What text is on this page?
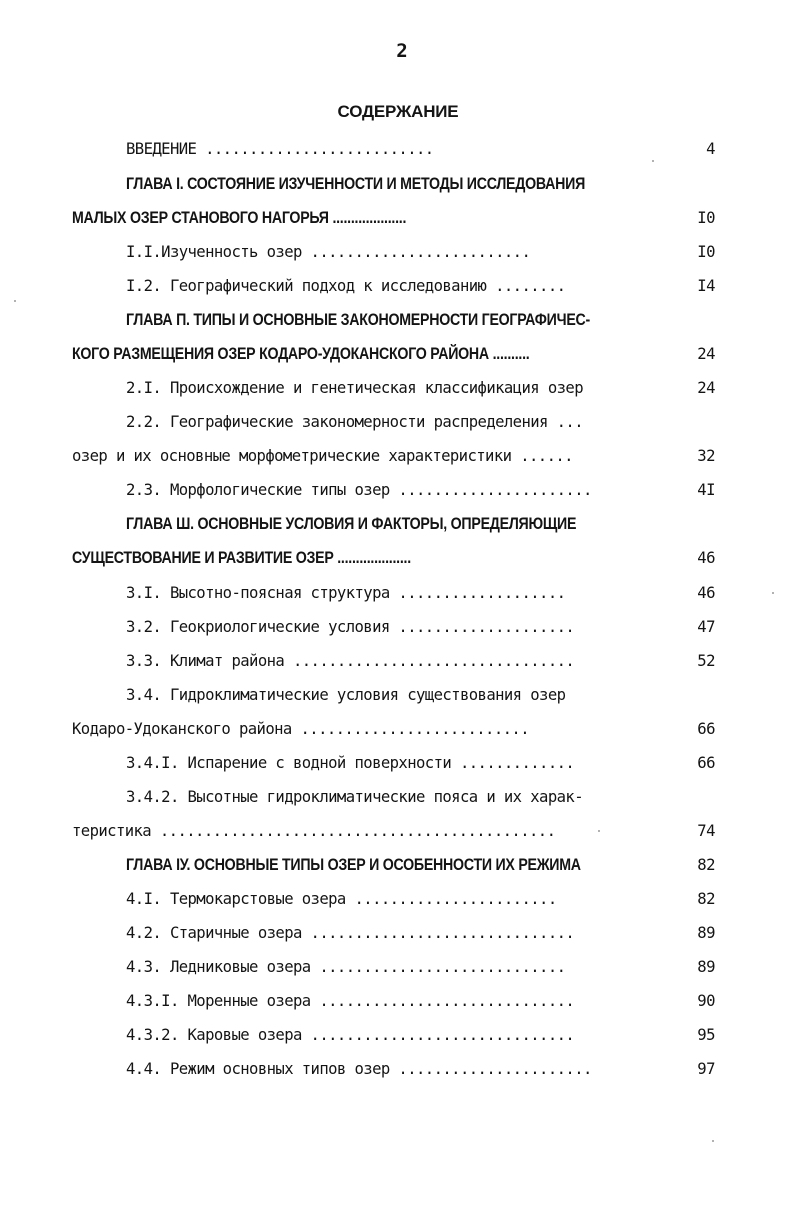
2
СОДЕРЖАНИЕ
ВВЕДЕНИЕ ..........................	4
ГЛАВА I. СОСТОЯНИЕ ИЗУЧЕННОСТИ И МЕТОДЫ ИССЛЕДОВАНИЯ
МАЛЫХ ОЗЕР СТАНОВОГО НАГОРЬЯ ....................	I0
I.I.Изученность озер .........................	I0
I.2. Географический подход к исследованию ........	I4
ГЛАВА П. ТИПЫ И ОСНОВНЫЕ ЗАКОНОМЕРНОСТИ ГЕОГРАФИЧЕС-
КОГО РАЗМЕЩЕНИЯ ОЗЕР КОДАРО-УДОКАНСКОГО РАЙОНА ..........	24
2.I. Происхождение и генетическая классификация озер	24
2.2. Географические закономерности распределения ...
озер и их основные морфометрические характеристики ......	32
2.3. Морфологические типы озер ......................	4I
ГЛАВА Ш. ОСНОВНЫЕ УСЛОВИЯ И ФАКТОРЫ, ОПРЕДЕЛЯЮЩИЕ
СУЩЕСТВОВАНИЕ И РАЗВИТИЕ ОЗЕР ....................	46
3.I. Высотно-поясная структура ...................	46
3.2. Геокриологические условия ....................	47
3.3. Климат района ................................	52
3.4. Гидроклиматические условия существования озер
Кодаро-Удоканского района ..........................	66
3.4.I. Испарение с водной поверхности .............	66
3.4.2. Высотные гидроклиматические пояса и их харак-
теристика .............................................	74
ГЛАВА IУ. ОСНОВНЫЕ ТИПЫ ОЗЕР И ОСОБЕННОСТИ ИХ РЕЖИМА	82
4.I. Термокарстовые озера .......................	82
4.2. Старичные озера ..............................	89
4.3. Ледниковые озера ............................	89
4.3.I. Моренные озера .............................	90
4.3.2. Каровые озера ..............................	95
4.4. Режим основных типов озер ......................	97
